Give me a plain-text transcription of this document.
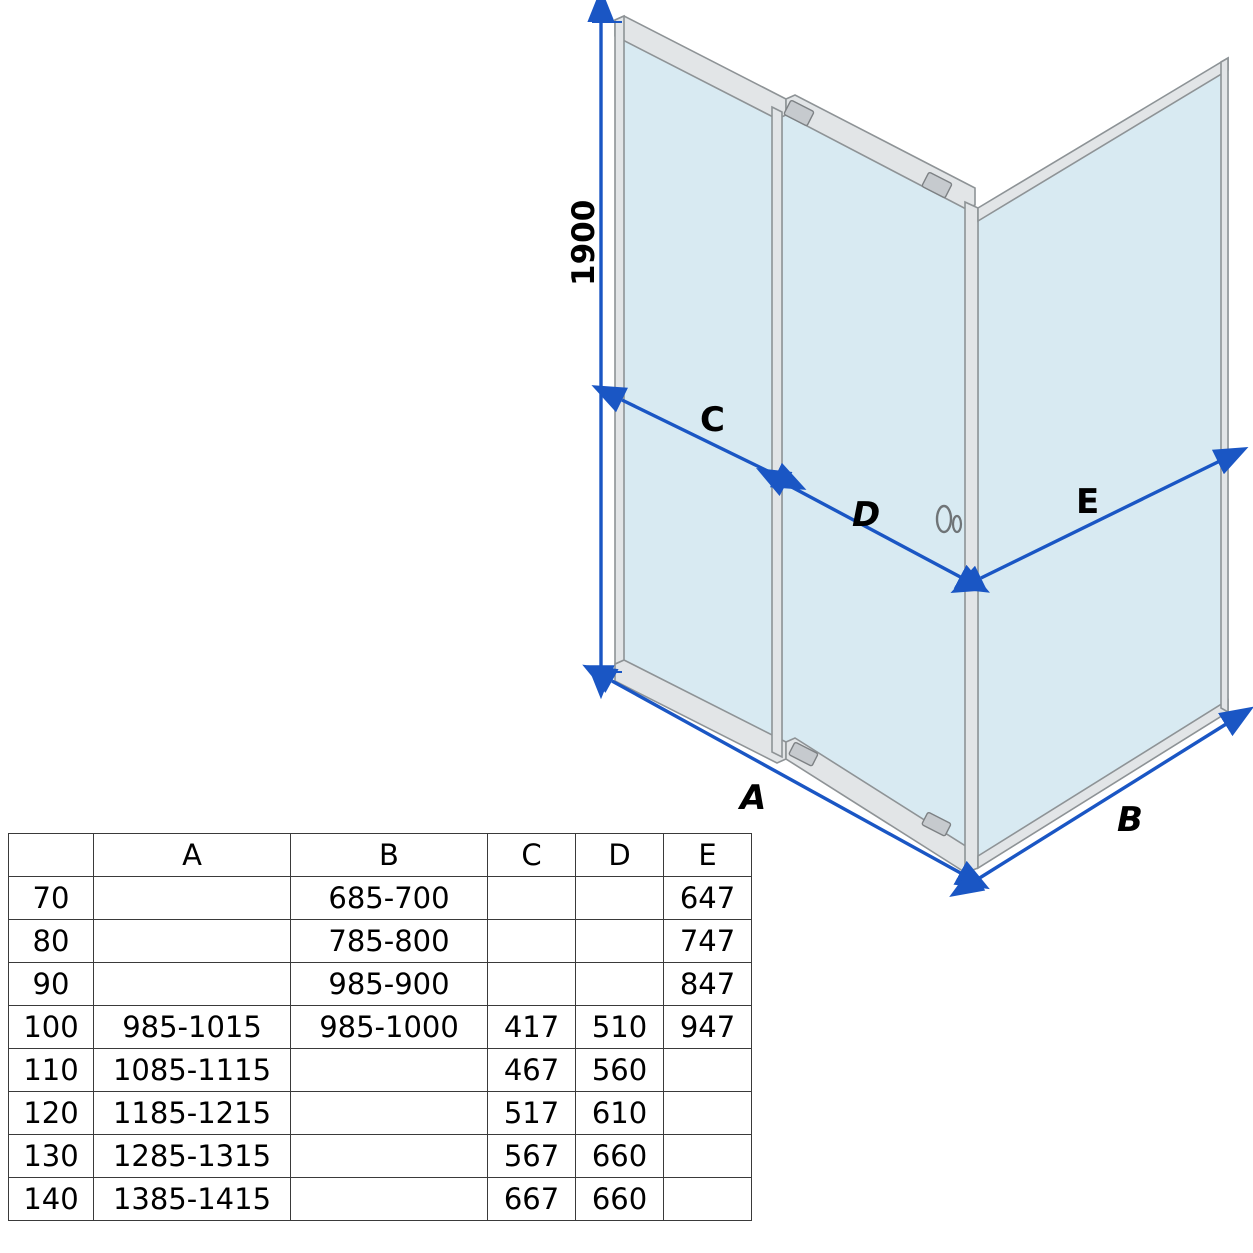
1900
C
D	E
A
B
	A	B	C	D	E
70		685-700			647
80		785-800			747
90		985-900			847
100	985-1015	985-1000	417	510	947
110	1085-1115		467	560	
120	1185-1215		517	610	
130	1285-1315		567	660	
140	1385-1415		667	660	
